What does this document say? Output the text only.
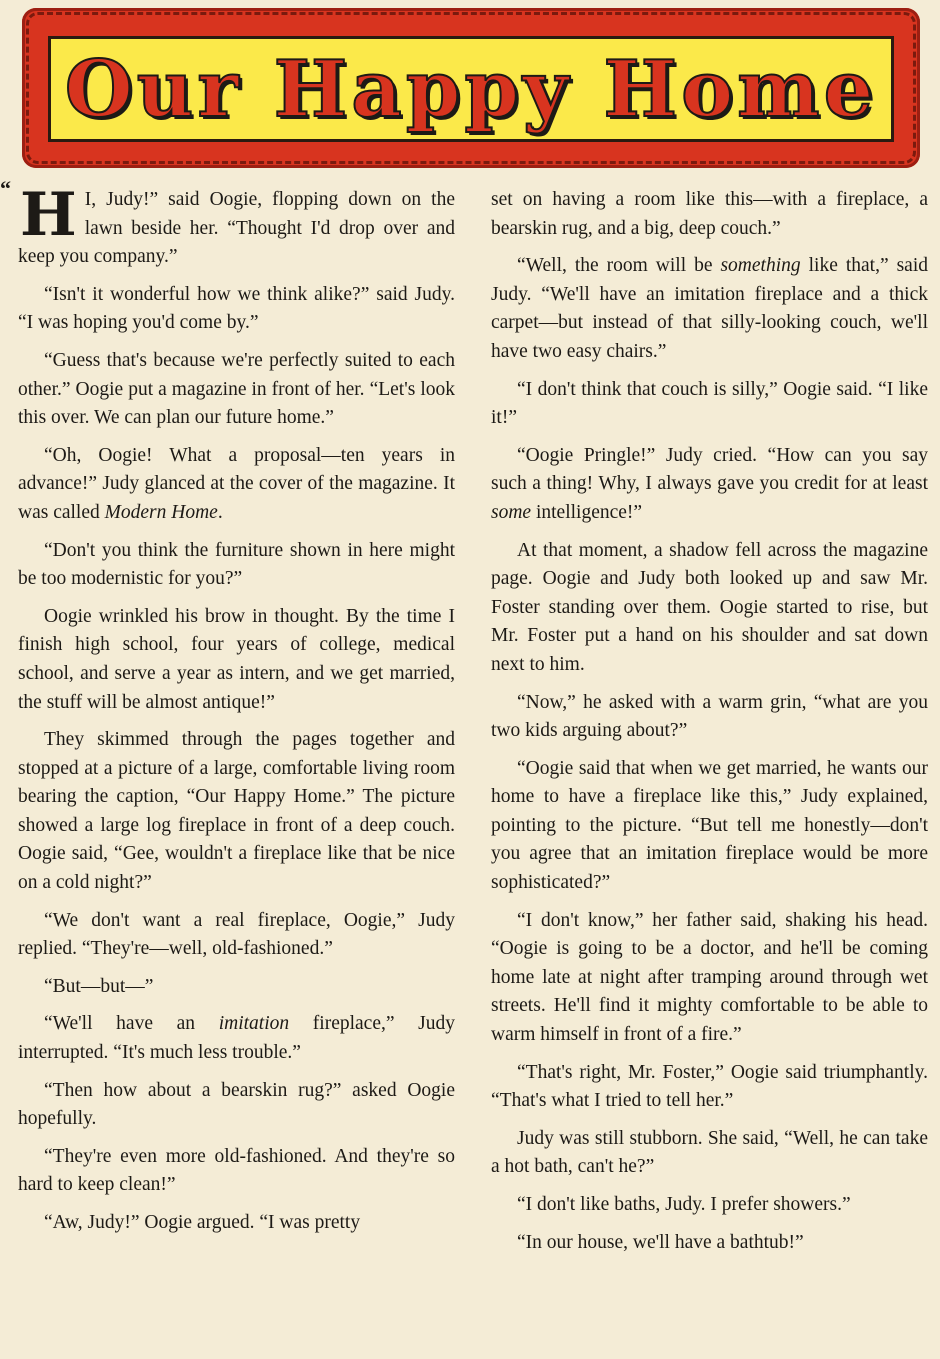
Our Happy Home
“ H I, Judy!” said Oogie, flopping down on the lawn beside her. “Thought I'd drop over and keep you company.”

“Isn't it wonderful how we think alike?” said Judy. “I was hoping you'd come by.”

“Guess that's because we're perfectly suited to each other.” Oogie put a magazine in front of her. “Let's look this over. We can plan our future home.”

“Oh, Oogie! What a proposal—ten years in advance!” Judy glanced at the cover of the magazine. It was called Modern Home.

“Don't you think the furniture shown in here might be too modernistic for you?”

Oogie wrinkled his brow in thought. By the time I finish high school, four years of college, medical school, and serve a year as intern, and we get married, the stuff will be almost antique!”

They skimmed through the pages together and stopped at a picture of a large, comfortable living room bearing the caption, “Our Happy Home.” The picture showed a large log fireplace in front of a deep couch. Oogie said, “Gee, wouldn't a fireplace like that be nice on a cold night?”

“We don't want a real fireplace, Oogie,” Judy replied. “They're—well, old-fashioned.”

“But—but—”

“We'll have an imitation fireplace,” Judy interrupted. “It's much less trouble.”

“Then how about a bearskin rug?” asked Oogie hopefully.

“They're even more old-fashioned. And they're so hard to keep clean!”

“Aw, Judy!” Oogie argued. “I was pretty

set on having a room like this—with a fireplace, a bearskin rug, and a big, deep couch.”

“Well, the room will be something like that,” said Judy. “We'll have an imitation fireplace and a thick carpet—but instead of that silly-looking couch, we'll have two easy chairs.”

“I don't think that couch is silly,” Oogie said. “I like it!”

“Oogie Pringle!” Judy cried. “How can you say such a thing! Why, I always gave you credit for at least some intelligence!”

At that moment, a shadow fell across the magazine page. Oogie and Judy both looked up and saw Mr. Foster standing over them. Oogie started to rise, but Mr. Foster put a hand on his shoulder and sat down next to him.

“Now,” he asked with a warm grin, “what are you two kids arguing about?”

“Oogie said that when we get married, he wants our home to have a fireplace like this,” Judy explained, pointing to the picture. “But tell me honestly—don't you agree that an imitation fireplace would be more sophisticated?”

“I don't know,” her father said, shaking his head. “Oogie is going to be a doctor, and he'll be coming home late at night after tramping around through wet streets. He'll find it mighty comfortable to be able to warm himself in front of a fire.”

“That's right, Mr. Foster,” Oogie said triumphantly. “That's what I tried to tell her.”

Judy was still stubborn. She said, “Well, he can take a hot bath, can't he?”

“I don't like baths, Judy. I prefer showers.”

“In our house, we'll have a bathtub!”
